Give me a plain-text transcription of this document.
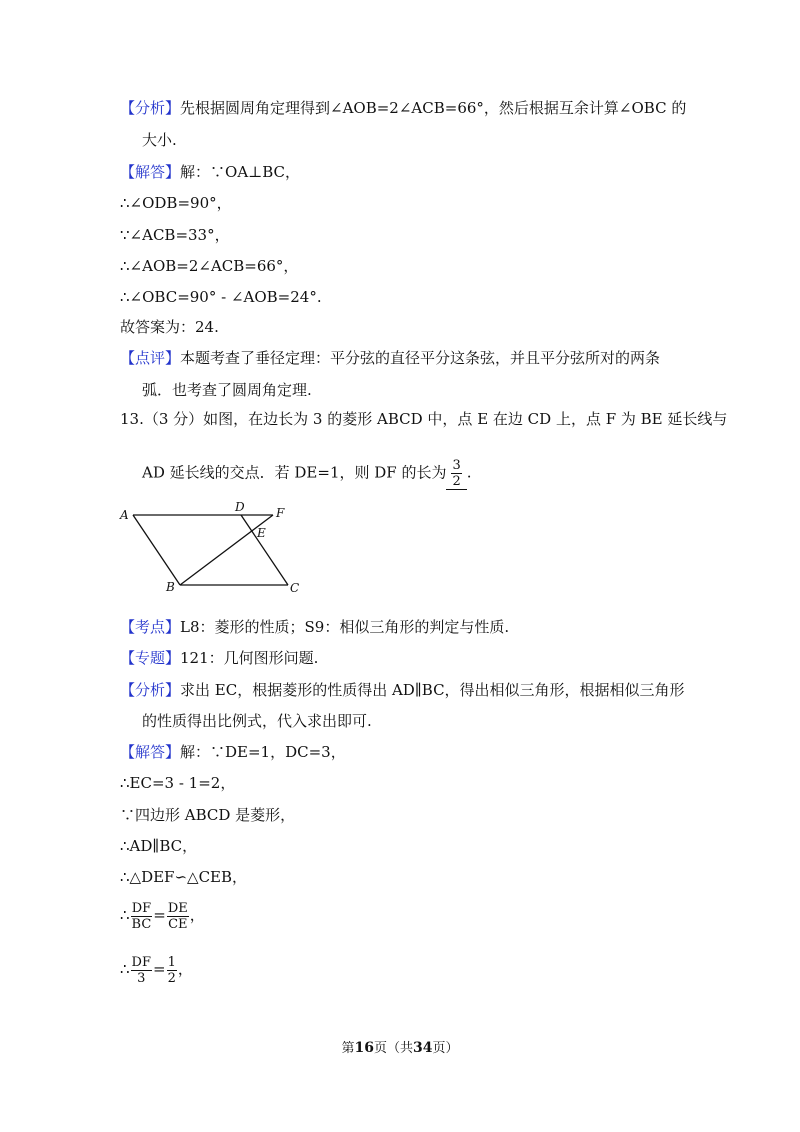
【分析】先根据圆周角定理得到∠AOB=2∠ACB=66°，然后根据互余计算∠OBC 的
大小.
【解答】解：∵OA⊥BC，
∴∠ODB=90°，
∵∠ACB=33°，
∴∠AOB=2∠ACB=66°，
∴∠OBC=90° - ∠AOB=24°.
故答案为：24.
【点评】本题考查了垂径定理：平分弦的直径平分这条弦，并且平分弦所对的两条
弧．也考查了圆周角定理.
13.（3 分）如图，在边长为 3 的菱形 ABCD 中，点 E 在边 CD 上，点 F 为 BE 延长线与
AD 延长线的交点．若 DE=1，则 DF 的长为 $\frac{3}{2}$ .
A
B	C
D
E
F
【考点】L8：菱形的性质；S9：相似三角形的判定与性质.
【专题】121：几何图形问题.
【分析】求出 EC，根据菱形的性质得出 AD∥BC，得出相似三角形，根据相似三角形
的性质得出比例式，代入求出即可.
【解答】解：∵DE=1，DC=3，
∴EC=3 - 1=2，
∵四边形 ABCD 是菱形，
∴AD∥BC，
∴△DEF∽△CEB，
∴ $\frac{DF}{BC} = \frac{DE}{CE}$ ，
∴ $\frac{DF}{3} = \frac{1}{2}$ ，
第16页（共34页）
